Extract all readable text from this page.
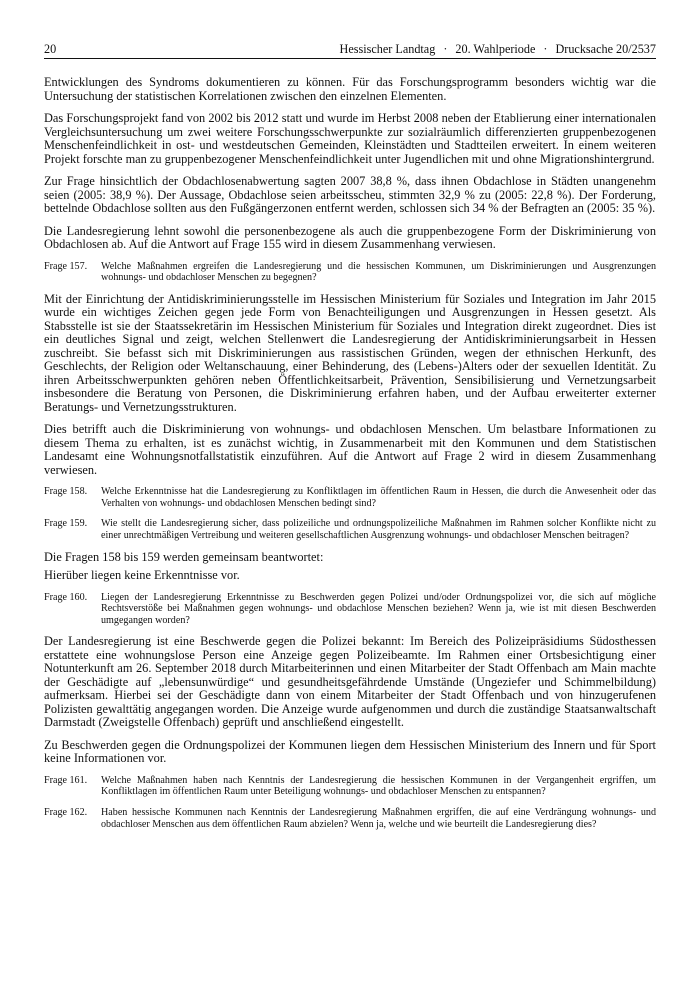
20	Hessischer Landtag · 20. Wahlperiode · Drucksache 20/2537

Entwicklungen des Syndroms dokumentieren zu können. Für das Forschungsprogramm besonders wichtig war die Untersuchung der statistischen Korrelationen zwischen den einzelnen Elementen.

Das Forschungsprojekt fand von 2002 bis 2012 statt und wurde im Herbst 2008 neben der Etablierung einer internationalen Vergleichsuntersuchung um zwei weitere Forschungsschwerpunkte zur sozialräumlich differenzierten gruppenbezogenen Menschenfeindlichkeit in ost- und westdeutschen Gemeinden, Kleinstädten und Stadtteilen erweitert. In einem weiteren Projekt forschte man zu gruppenbezogener Menschenfeindlichkeit unter Jugendlichen mit und ohne Migrationshintergrund.

Zur Frage hinsichtlich der Obdachlosenabwertung sagten 2007 38,8 %, dass ihnen Obdachlose in Städten unangenehm seien (2005: 38,9 %). Der Aussage, Obdachlose seien arbeitsscheu, stimmten 32,9 % zu (2005: 22,8 %). Der Forderung, bettelnde Obdachlose sollten aus den Fußgängerzonen entfernt werden, schlossen sich 34 % der Befragten an (2005: 35 %).

Die Landesregierung lehnt sowohl die personenbezogene als auch die gruppenbezogene Form der Diskriminierung von Obdachlosen ab. Auf die Antwort auf Frage 155 wird in diesem Zusammenhang verwiesen.

Frage 157.	Welche Maßnahmen ergreifen die Landesregierung und die hessischen Kommunen, um Diskriminierungen und Ausgrenzungen wohnungs- und obdachloser Menschen zu begegnen?

Mit der Einrichtung der Antidiskriminierungsstelle im Hessischen Ministerium für Soziales und Integration im Jahr 2015 wurde ein wichtiges Zeichen gegen jede Form von Benachteiligungen und Ausgrenzungen in Hessen gesetzt. Als Stabsstelle ist sie der Staatssekretärin im Hessischen Ministerium für Soziales und Integration direkt zugeordnet. Dies ist ein deutliches Signal und zeigt, welchen Stellenwert die Landesregierung der Antidiskriminierungsarbeit in Hessen zuschreibt. Sie befasst sich mit Diskriminierungen aus rassistischen Gründen, wegen der ethnischen Herkunft, des Geschlechts, der Religion oder Weltanschauung, einer Behinderung, des (Lebens-)Alters oder der sexuellen Identität. Zu ihren Arbeitsschwerpunkten gehören neben Öffentlichkeitsarbeit, Prävention, Sensibilisierung und Vernetzungsarbeit insbesondere die Beratung von Personen, die Diskriminierung erfahren haben, und der Aufbau erweiterter externer Beratungs- und Vernetzungsstrukturen.

Dies betrifft auch die Diskriminierung von wohnungs- und obdachlosen Menschen. Um belastbare Informationen zu diesem Thema zu erhalten, ist es zunächst wichtig, in Zusammenarbeit mit den Kommunen und dem Statistischen Landesamt eine Wohnungsnotfallstatistik einzuführen. Auf die Antwort auf Frage 2 wird in diesem Zusammenhang verwiesen.

Frage 158.	Welche Erkenntnisse hat die Landesregierung zu Konfliktlagen im öffentlichen Raum in Hessen, die durch die Anwesenheit oder das Verhalten von wohnungs- und obdachlosen Menschen bedingt sind?
Frage 159.	Wie stellt die Landesregierung sicher, dass polizeiliche und ordnungspolizeiliche Maßnahmen im Rahmen solcher Konflikte nicht zu einer unrechtmäßigen Vertreibung und weiteren gesellschaftlichen Ausgrenzung wohnungs- und obdachloser Menschen beitragen?

Die Fragen 158 bis 159 werden gemeinsam beantwortet:

Hierüber liegen keine Erkenntnisse vor.

Frage 160.	Liegen der Landesregierung Erkenntnisse zu Beschwerden gegen Polizei und/oder Ordnungspolizei vor, die sich auf mögliche Rechtsverstöße bei Maßnahmen gegen wohnungs- und obdachlose Menschen beziehen? Wenn ja, wie ist mit diesen Beschwerden umgegangen worden?

Der Landesregierung ist eine Beschwerde gegen die Polizei bekannt: Im Bereich des Polizeipräsidiums Südosthessen erstattete eine wohnungslose Person eine Anzeige gegen Polizeibeamte. Im Rahmen einer Ortsbesichtigung einer Notunterkunft am 26. September 2018 durch Mitarbeiterinnen und einen Mitarbeiter der Stadt Offenbach am Main machte der Geschädigte auf „lebensunwürdige“ und gesundheitsgefährdende Umstände (Ungeziefer und Schimmelbildung) aufmerksam. Hierbei sei der Geschädigte dann von einem Mitarbeiter der Stadt Offenbach und von hinzugerufenen Polizisten gewalttätig angegangen worden. Die Anzeige wurde aufgenommen und durch die zuständige Staatsanwaltschaft Darmstadt (Zweigstelle Offenbach) geprüft und anschließend eingestellt.

Zu Beschwerden gegen die Ordnungspolizei der Kommunen liegen dem Hessischen Ministerium des Innern und für Sport keine Informationen vor.

Frage 161.	Welche Maßnahmen haben nach Kenntnis der Landesregierung die hessischen Kommunen in der Vergangenheit ergriffen, um Konfliktlagen im öffentlichen Raum unter Beteiligung wohnungs- und obdachloser Menschen zu entspannen?
Frage 162.	Haben hessische Kommunen nach Kenntnis der Landesregierung Maßnahmen ergriffen, die auf eine Verdrängung wohnungs- und obdachloser Menschen aus dem öffentlichen Raum abzielen? Wenn ja, welche und wie beurteilt die Landesregierung dies?
